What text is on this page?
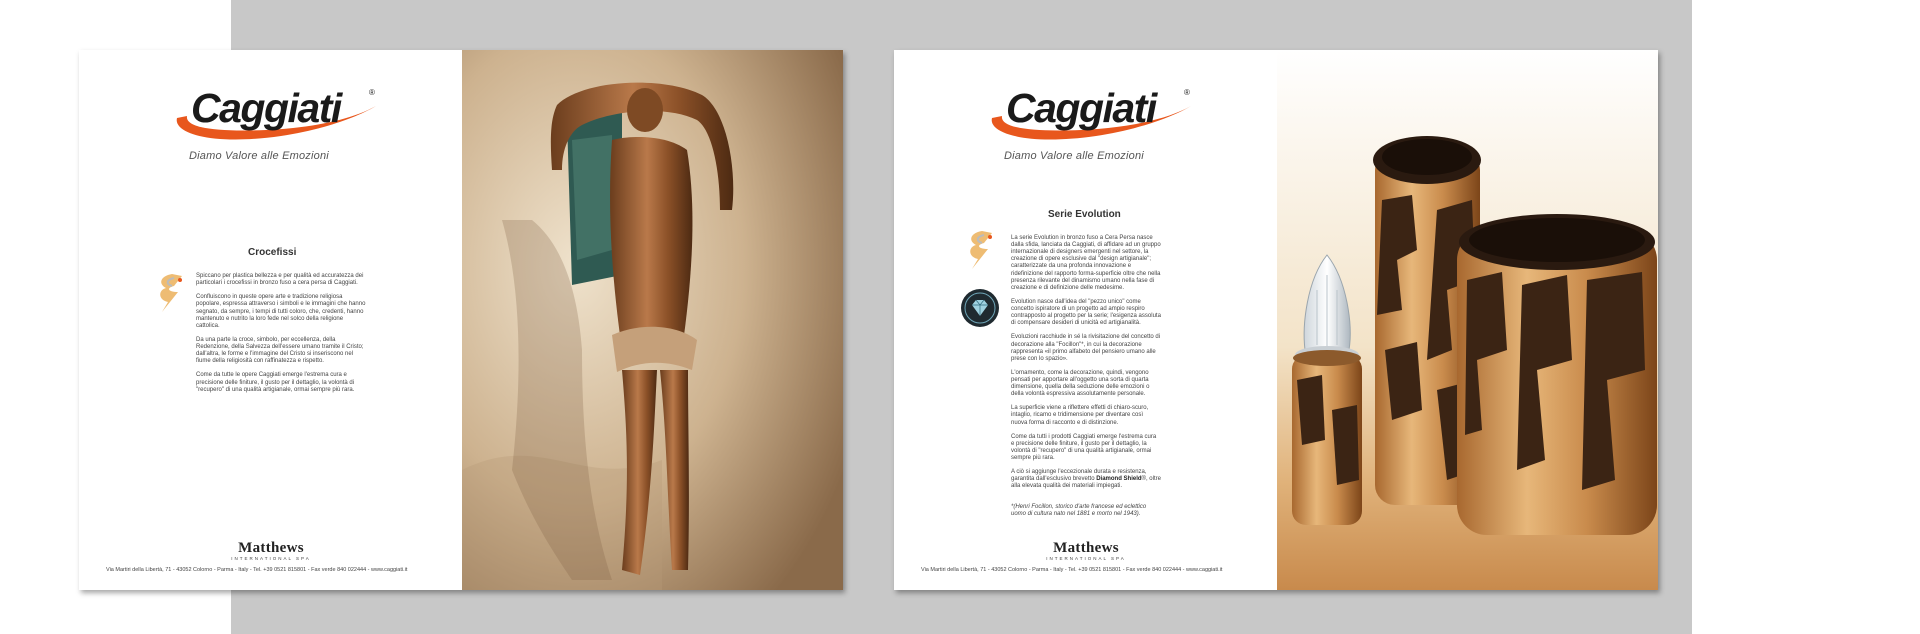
Caggiati	®
Diamo Valore alle Emozioni
Crocefissi

Spiccano per plastica bellezza e per qualità ed accuratezza dei particolari i crocefissi in bronzo fuso a cera persa di Caggiati.

Confluiscono in queste opere arte e tradizione religiosa popolare, espressa attraverso i simboli e le immagini che hanno segnato, da sempre, i tempi di tutti coloro, che, credenti, hanno mantenuto e nutrito la loro fede nel solco della religione cattolica.

Da una parte la croce, simbolo, per eccellenza, della Redenzione, della Salvezza dell'essere umano tramite il Cristo; dall'altra, le forme e l'immagine del Cristo si inseriscono nel fiume della religiosità con raffinatezza e rispetto.

Come da tutte le opere Caggiati emerge l'estrema cura e precisione delle finiture, il gusto per il dettaglio, la volontà di "recupero" di una qualità artigianale, ormai sempre più rara.

Matthews
INTERNATIONAL SPA
Via Martiri della Libertà, 71 - 43052 Colorno - Parma - Italy - Tel. +39 0521 815801 - Fax verde 840 022444 - www.caggiati.it
Caggiati	®
Diamo Valore alle Emozioni
Serie Evolution

La serie Evolution in bronzo fuso a Cera Persa nasce dalla sfida, lanciata da Caggiati, di affidare ad un gruppo internazionale di designers emergenti nel settore, la creazione di opere esclusive dal "design artigianale"; caratterizzate da una profonda innovazione e ridefinizione del rapporto forma-superficie oltre che nella presenza rilevante del dinamismo umano nella fase di creazione e di definizione delle medesime.

Evolution nasce dall'idea del "pezzo unico" come concetto ispiratore di un progetto ad ampio respiro contrapposto al progetto per la serie; l'esigenza assoluta di compensare desideri di unicità ed artigianalità.

Evoluzioni racchiude in sé la rivisitazione del concetto di decorazione alla "Focillon"*, in cui la decorazione rappresenta «il primo alfabeto del pensiero umano alle prese con lo spazio».

L'ornamento, come la decorazione, quindi, vengono pensati per apportare all'oggetto una sorta di quarta dimensione, quella della seduzione delle emozioni o della volontà espressiva assolutamente personale.

La superficie viene a riflettere effetti di chiaro-scuro, intaglio, ricamo e tridimensione per diventare così nuova forma di racconto e di distinzione.

Come da tutti i prodotti Caggiati emerge l'estrema cura e precisione delle finiture, il gusto per il dettaglio, la volontà di "recupero" di una qualità artigianale, ormai sempre più rara.

A ciò si aggiunge l'eccezionale durata e resistenza, garantita dall'esclusivo brevetto Diamond Shield®, oltre alla elevata qualità dei materiali impiegati.

*(Henri Focillon, storico d'arte francese ed eclettico uomo di cultura nato nel 1881 e morto nel 1943).

Matthews
INTERNATIONAL SPA
Via Martiri della Libertà, 71 - 43052 Colorno - Parma - Italy - Tel. +39 0521 815801 - Fax verde 840 022444 - www.caggiati.it
